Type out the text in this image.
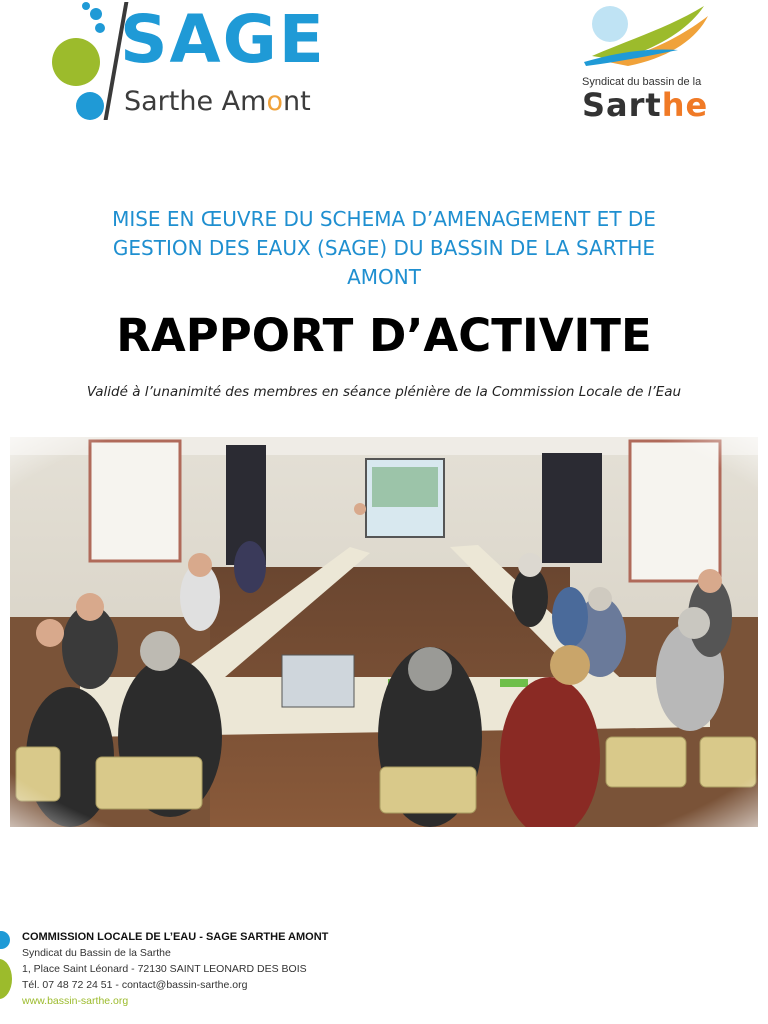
SAGE
Sarthe Amont
Syndicat du bassin de la
Sarthe
MISE EN ŒUVRE DU SCHEMA D’AMENAGEMENT ET DE
GESTION DES EAUX (SAGE) DU BASSIN DE LA SARTHE
AMONT
RAPPORT D’ACTIVITE
Validé à l’unanimité des membres en séance plénière de la Commission Locale de l’Eau
COMMISSION LOCALE DE L’EAU - SAGE SARTHE AMONT
Syndicat du Bassin de la Sarthe
1, Place Saint Léonard - 72130 SAINT LEONARD DES BOIS
Tél. 07 48 72 24 51 - contact@bassin-sarthe.org
www.bassin-sarthe.org
